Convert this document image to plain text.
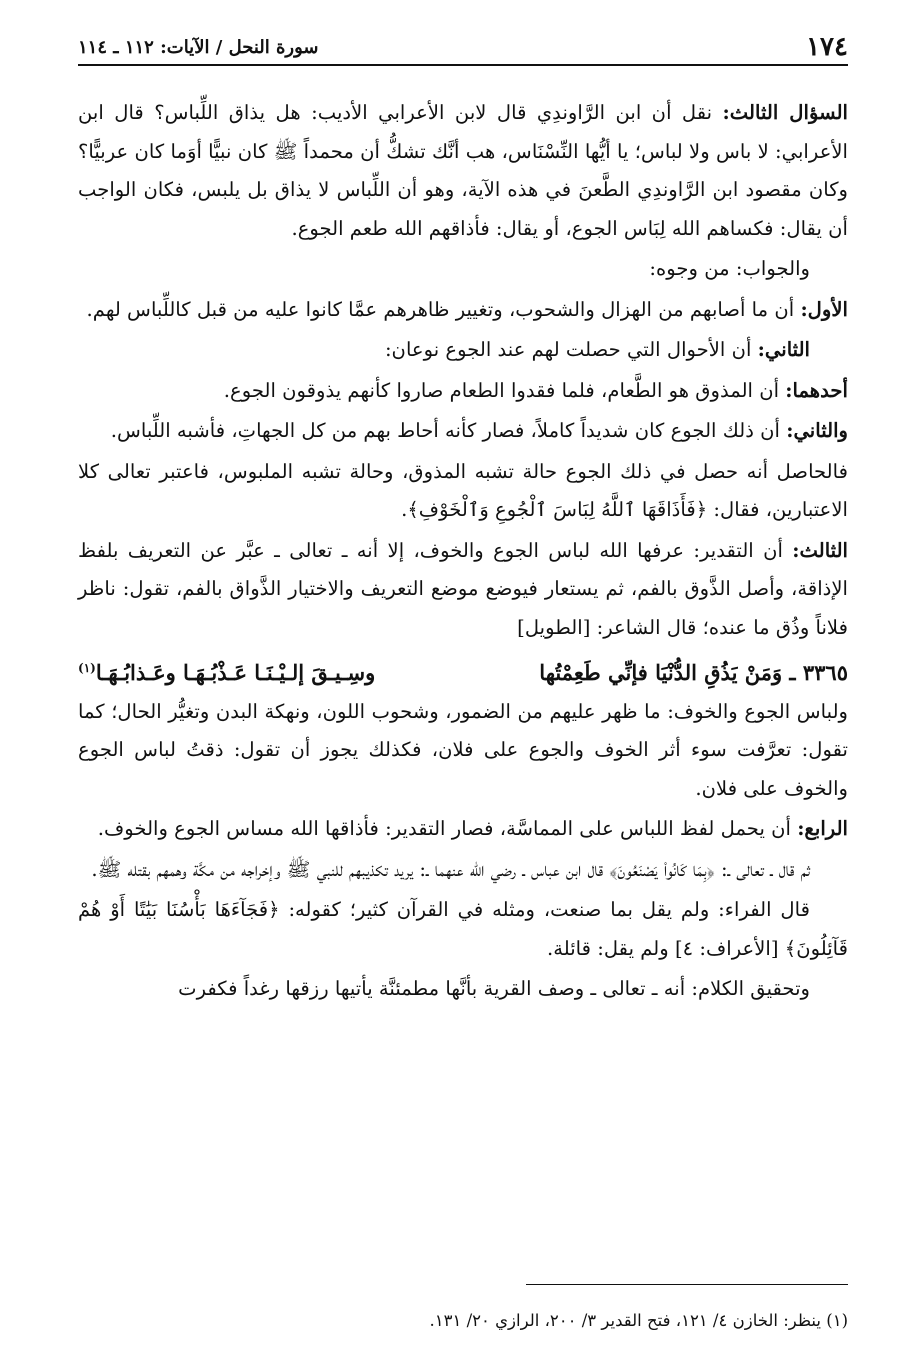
١٧٤
سورة النحل / الآيات: ١١٢ ـ ١١٤

السؤال الثالث: نقل أن ابن الرَّاوندِي قال لابن الأعرابي الأديب: هل يذاق اللِّباس؟ قال ابن الأعرابي: لا باس ولا لباس؛ يا أيُّها النِّسْنَاس، هب أنَّك تشكُّ أن محمداً ﷺ كان نبيًّا أوَما كان عربيًّا؟ وكان مقصود ابن الرَّاوندِي الطَّعنَ في هذه الآية، وهو أن اللِّباس لا يذاق بل يلبس، فكان الواجب أن يقال: فكساهم الله لِبَاس الجوع، أو يقال: فأذاقهم الله طعم الجوع.

والجواب: من وجوه:

الأول: أن ما أصابهم من الهزال والشحوب، وتغيير ظاهرهم عمَّا كانوا عليه من قبل كاللِّباس لهم.

الثاني: أن الأحوال التي حصلت لهم عند الجوع نوعان:

أحدهما: أن المذوق هو الطَّعام، فلما فقدوا الطعام صاروا كأنهم يذوقون الجوع.

والثاني: أن ذلك الجوع كان شديداً كاملاً، فصار كأنه أحاط بهم من كل الجهاتِ، فأشبه اللِّباس.

فالحاصل أنه حصل في ذلك الجوع حالة تشبه المذوق، وحالة تشبه الملبوس، فاعتبر تعالى كلا الاعتبارين، فقال: ﴿فَأَذَاقَهَا ٱللَّهُ لِبَاسَ ٱلْجُوعِ وَٱلْخَوْفِ﴾.

الثالث: أن التقدير: عرفها الله لباس الجوع والخوف، إلا أنه ـ تعالى ـ عبَّر عن التعريف بلفظ الإذاقة، وأصل الذَّوق بالفم، ثم يستعار فيوضع موضع التعريف والاختيار الذَّواق بالفم، تقول: ناظر فلاناً وذُق ما عنده؛ قال الشاعر: [الطويل]

٣٣٦٥ ـ وَمَنْ يَذُقِ الدُّنْيَا فإنِّي طَعِمْتُها
وسِـيـقَ إلـيْـنَـا عَـذْبُـهَـا وعَـذابُـهَـا$^{(١)}$

ولباس الجوع والخوف: ما ظهر عليهم من الضمور، وشحوب اللون، ونهكة البدن وتغيُّر الحال؛ كما تقول: تعرَّفت سوء أثر الخوف والجوع على فلان، فكذلك يجوز أن تقول: ذقتُ لباس الجوع والخوف على فلان.

الرابع: أن يحمل لفظ اللباس على المماسَّة، فصار التقدير: فأذاقها الله مساس الجوع والخوف.

ثم قال ـ تعالى ـ: ﴿بِمَا كَانُوا۟ يَصْنَعُونَ﴾ قال ابن عباس ـ رضي الله عنهما ـ: يريد تكذيبهم للنبي ﷺ وإخراجه من مكَّة وهمهم بقتله ﷺ.

قال الفراء: ولم يقل بما صنعت، ومثله في القرآن كثير؛ كقوله: ﴿فَجَآءَهَا بَأْسُنَا بَيَٰتًا أَوْ هُمْ قَآئِلُونَ﴾ [الأعراف: ٤] ولم يقل: قائلة.

وتحقيق الكلام: أنه ـ تعالى ـ وصف القرية بأنَّها مطمئنَّة يأتيها رزقها رغداً فكفرت

(١) ينظر: الخازن ٤/ ١٢١، فتح القدير ٣/ ٢٠٠، الرازي ٢٠/ ١٣١.
